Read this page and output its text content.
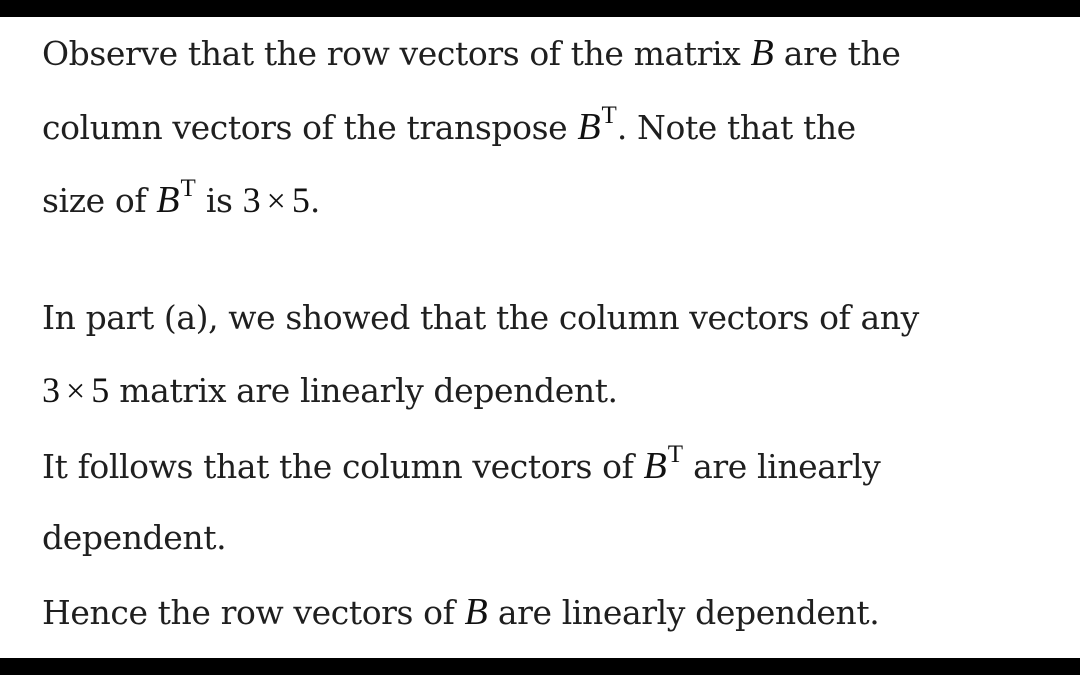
Observe that the row vectors of the matrix B are the

column vectors of the transpose $B^T$. Note that the

size of $B^T$ is 3 × 5.

In part (a), we showed that the column vectors of any

3 × 5 matrix are linearly dependent.

It follows that the column vectors of $B^T$ are linearly

dependent.

Hence the row vectors of B are linearly dependent.
